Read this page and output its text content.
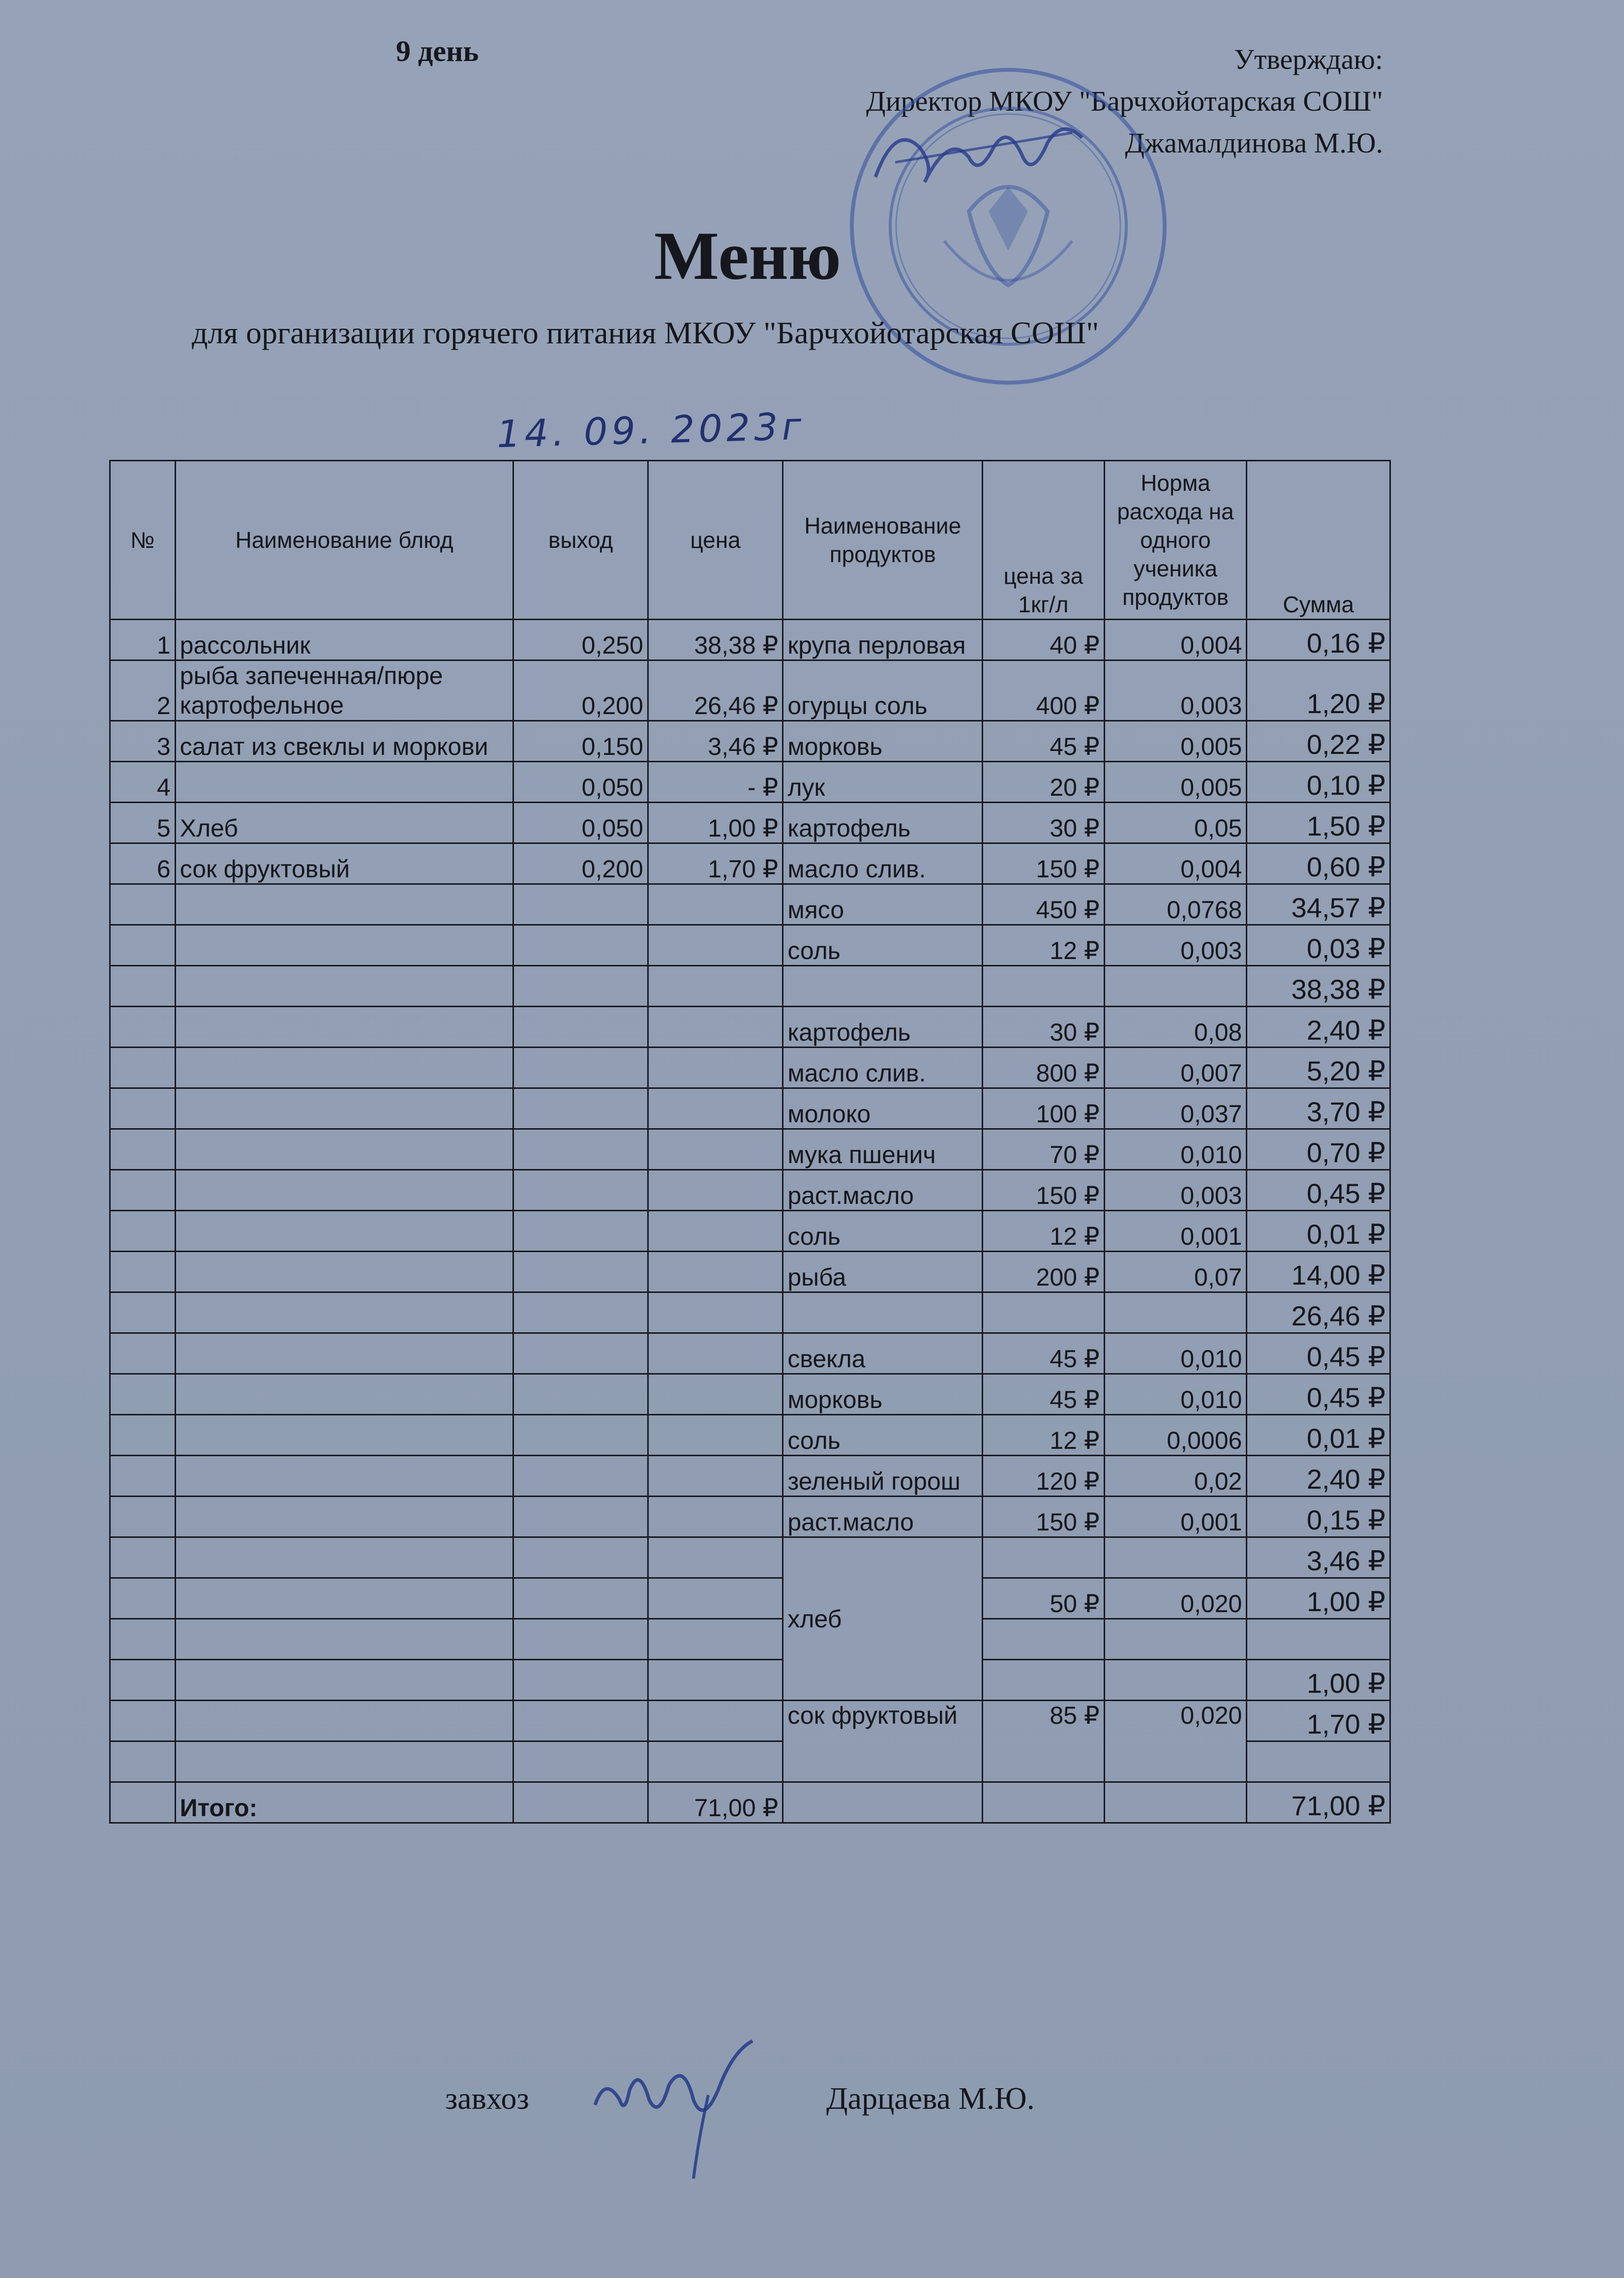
9 день	Утверждаю:
Директор МКОУ "Барчхойотарская СОШ"
Джамалдинова М.Ю.
Меню
для организации горячего питания МКОУ "Барчхойотарская СОШ"
14. 09. 2023г
№	Наименование блюд	выход	цена	Наименование продуктов	цена за 1кг/л	Норма расхода на одного ученика продуктов	Сумма
1	рассольник	0,250	38,38 ₽	крупа перловая	40 ₽	0,004	0,16 ₽
2	рыба запеченная/пюре картофельное	0,200	26,46 ₽	огурцы соль	400 ₽	0,003	1,20 ₽
3	салат из свеклы и моркови	0,150	3,46 ₽	морковь	45 ₽	0,005	0,22 ₽
4		0,050	- ₽	лук	20 ₽	0,005	0,10 ₽
5	Хлеб	0,050	1,00 ₽	картофель	30 ₽	0,05	1,50 ₽
6	сок фруктовый	0,200	1,70 ₽	масло слив.	150 ₽	0,004	0,60 ₽
				мясо	450 ₽	0,0768	34,57 ₽
				соль	12 ₽	0,003	0,03 ₽
							38,38 ₽
				картофель	30 ₽	0,08	2,40 ₽
				масло слив.	800 ₽	0,007	5,20 ₽
				молоко	100 ₽	0,037	3,70 ₽
				мука пшенич	70 ₽	0,010	0,70 ₽
				раст.масло	150 ₽	0,003	0,45 ₽
				соль	12 ₽	0,001	0,01 ₽
				рыба	200 ₽	0,07	14,00 ₽
							26,46 ₽
				свекла	45 ₽	0,010	0,45 ₽
				морковь	45 ₽	0,010	0,45 ₽
				соль	12 ₽	0,0006	0,01 ₽
				зеленый горош	120 ₽	0,02	2,40 ₽
				раст.масло	150 ₽	0,001	0,15 ₽
				хлеб			3,46 ₽
					50 ₽	0,020	1,00 ₽

							1,00 ₽
				сок фруктовый	85 ₽	0,020	1,70 ₽

	Итого:		71,00 ₽				71,00 ₽
завхоз	Дарцаева М.Ю.
